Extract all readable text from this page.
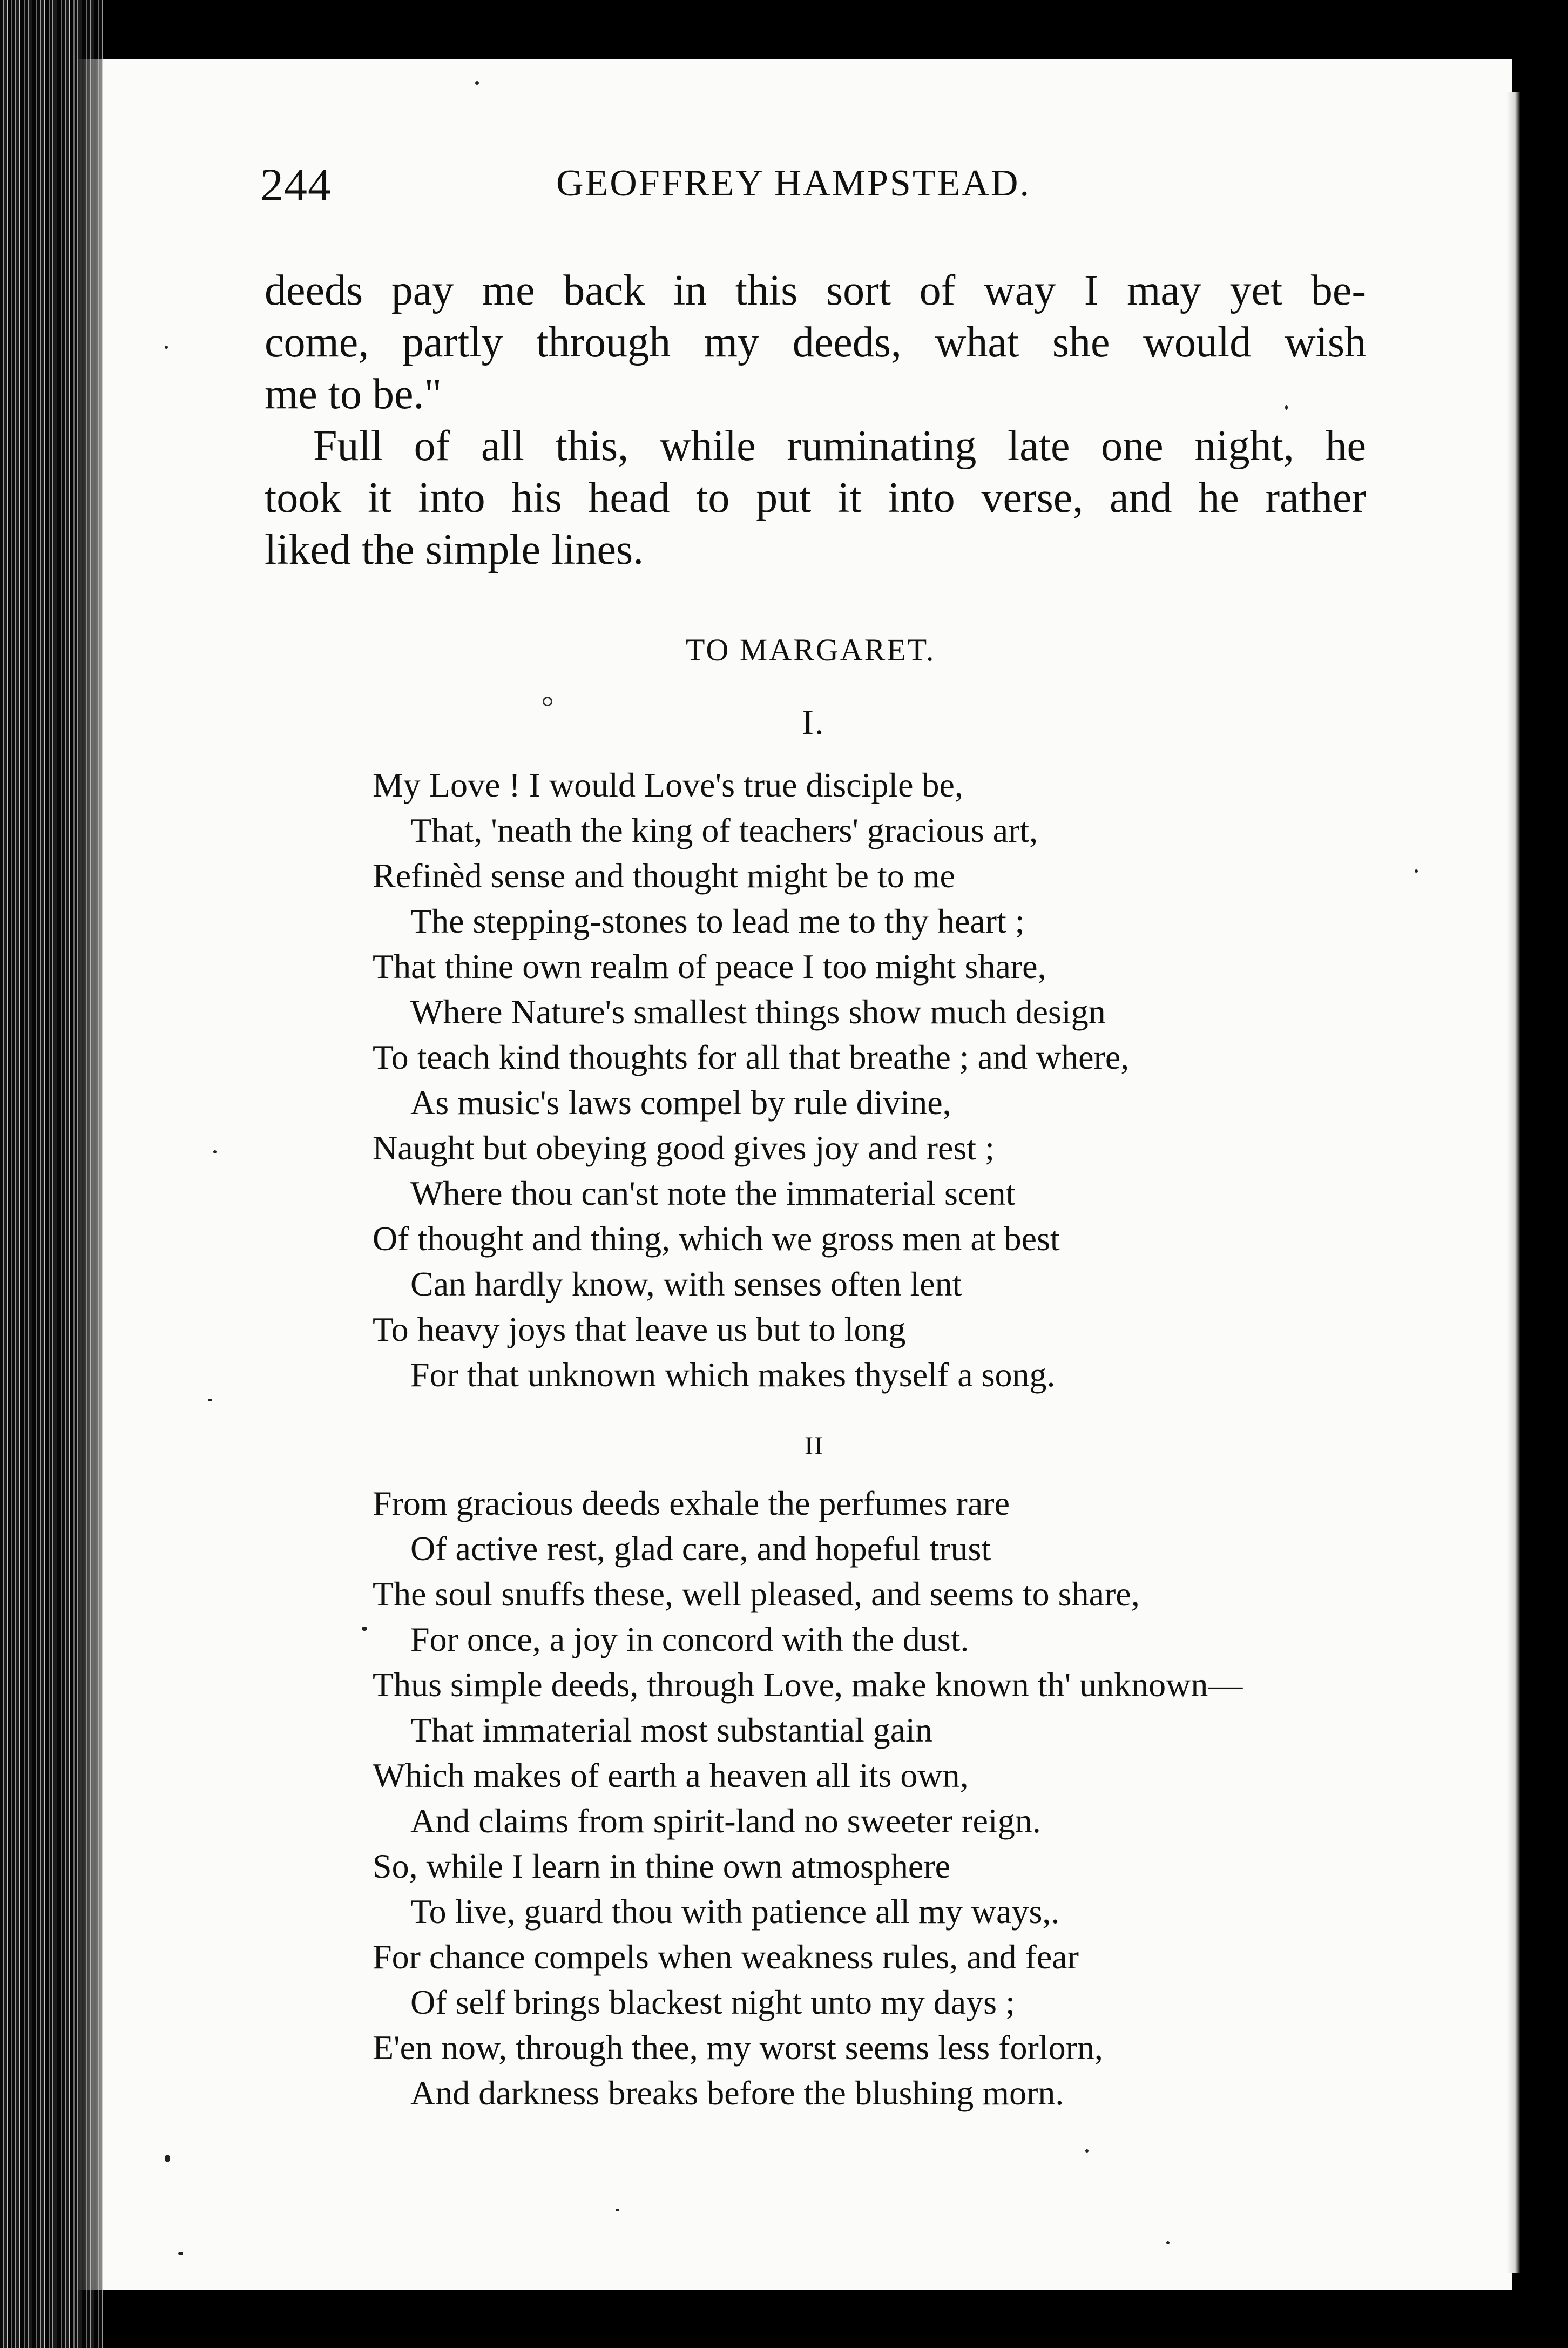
244	GEOFFREY HAMPSTEAD.

deeds pay me back in this sort of way I may yet be-

come, partly through my deeds, what she would wish

me to be."

Full of all this, while ruminating late one night, he

took it into his head to put it into verse, and he rather

liked the simple lines.

TO MARGARET.
I.
My Love ! I would Love's true disciple be,
That, 'neath the king of teachers' gracious art,
Refinèd sense and thought might be to me
The stepping-stones to lead me to thy heart ;
That thine own realm of peace I too might share,
Where Nature's smallest things show much design
To teach kind thoughts for all that breathe ; and where,
As music's laws compel by rule divine,
Naught but obeying good gives joy and rest ;
Where thou can'st note the immaterial scent
Of thought and thing, which we gross men at best
Can hardly know, with senses often lent
To heavy joys that leave us but to long
For that unknown which makes thyself a song.
II
From gracious deeds exhale the perfumes rare
Of active rest, glad care, and hopeful trust
The soul snuffs these, well pleased, and seems to share,
For once, a joy in concord with the dust.
Thus simple deeds, through Love, make known th' unknown—
That immaterial most substantial gain
Which makes of earth a heaven all its own,
And claims from spirit-land no sweeter reign.
So, while I learn in thine own atmosphere
To live, guard thou with patience all my ways,.
For chance compels when weakness rules, and fear
Of self brings blackest night unto my days ;
E'en now, through thee, my worst seems less forlorn,
And darkness breaks before the blushing morn.
